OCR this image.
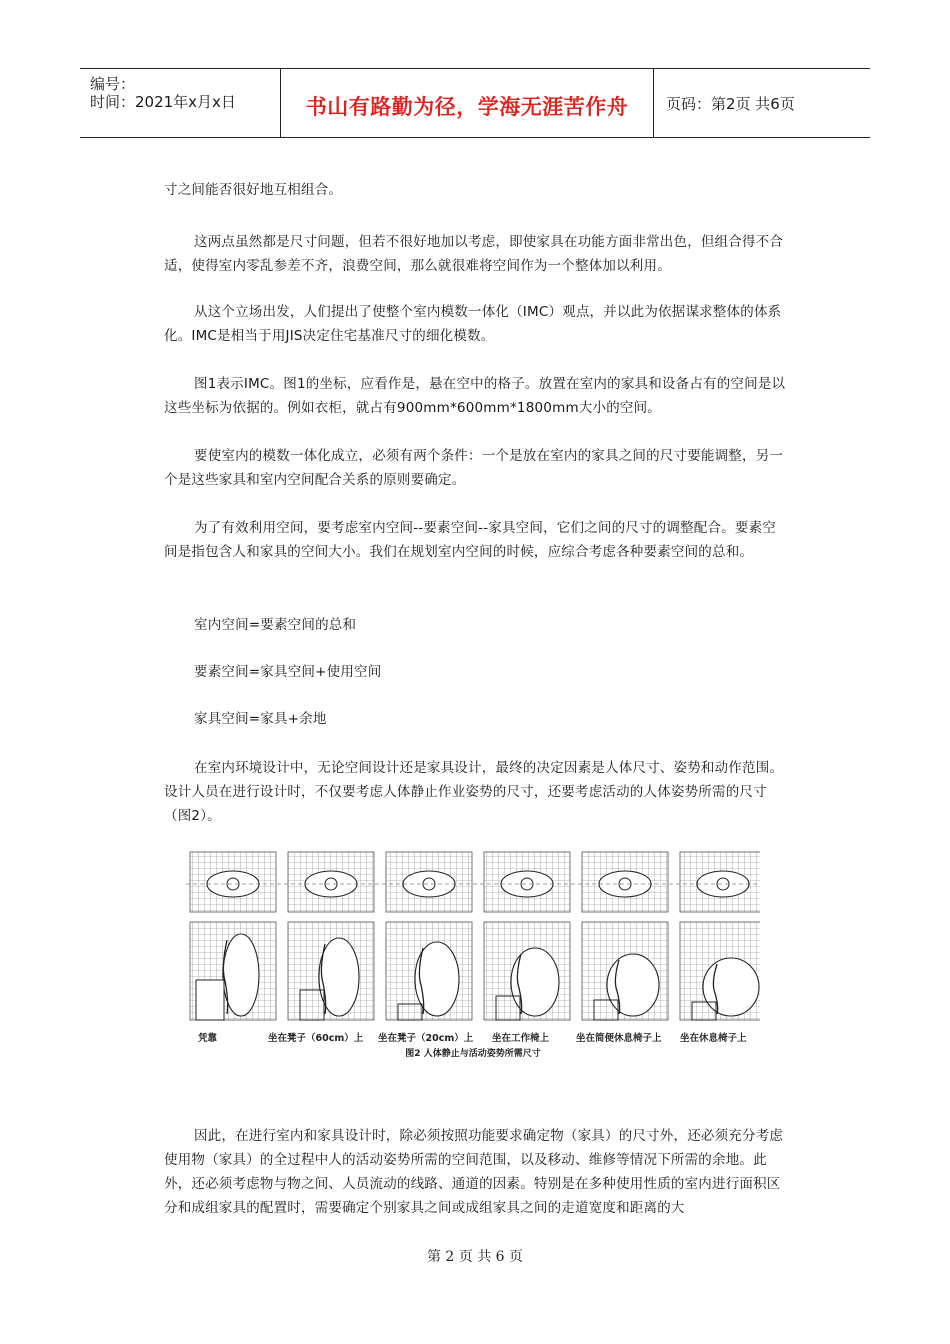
编号：
时间：2021年x月x日	书山有路勤为径，学海无涯苦作舟	页码：第2页 共6页

寸之间能否很好地互相组合。

这两点虽然都是尺寸问题，但若不很好地加以考虑，即使家具在功能方面非常出色，但组合得不合适，使得室内零乱参差不齐，浪费空间，那么就很难将空间作为一个整体加以利用。

从这个立场出发，人们提出了使整个室内模数一体化（IMC）观点，并以此为依据谋求整体的体系化。IMC是相当于用JIS决定住宅基准尺寸的细化模数。

图1表示IMC。图1的坐标，应看作是，悬在空中的格子。放置在室内的家具和设备占有的空间是以这些坐标为依据的。例如衣柜，就占有900mm*600mm*1800mm大小的空间。

要使室内的模数一体化成立，必须有两个条件：一个是放在室内的家具之间的尺寸要能调整，另一个是这些家具和室内空间配合关系的原则要确定。

为了有效利用空间，要考虑室内空间--要素空间--家具空间，它们之间的尺寸的调整配合。要素空间是指包含人和家具的空间大小。我们在规划室内空间的时候，应综合考虑各种要素空间的总和。

室内空间=要素空间的总和

要素空间=家具空间+使用空间

家具空间=家具+余地

在室内环境设计中，无论空间设计还是家具设计，最终的决定因素是人体尺寸、姿势和动作范围。设计人员在进行设计时，不仅要考虑人体静止作业姿势的尺寸，还要考虑活动的人体姿势所需的尺寸（图2）。

凭靠	坐在凳子（60cm）上 坐在凳子（20cm）上 坐在工作椅上	坐在简便休息椅子上 坐在休息椅子上
图2 人体静止与活动姿势所需尺寸

因此，在进行室内和家具设计时，除必须按照功能要求确定物（家具）的尺寸外，还必须充分考虑使用物（家具）的全过程中人的活动姿势所需的空间范围，以及移动、维修等情况下所需的余地。此外，还必须考虑物与物之间、人员流动的线路、通道的因素。特别是在多种使用性质的室内进行面积区分和成组家具的配置时，需要确定个别家具之间或成组家具之间的走道宽度和距离的大

第 2 页 共 6 页
